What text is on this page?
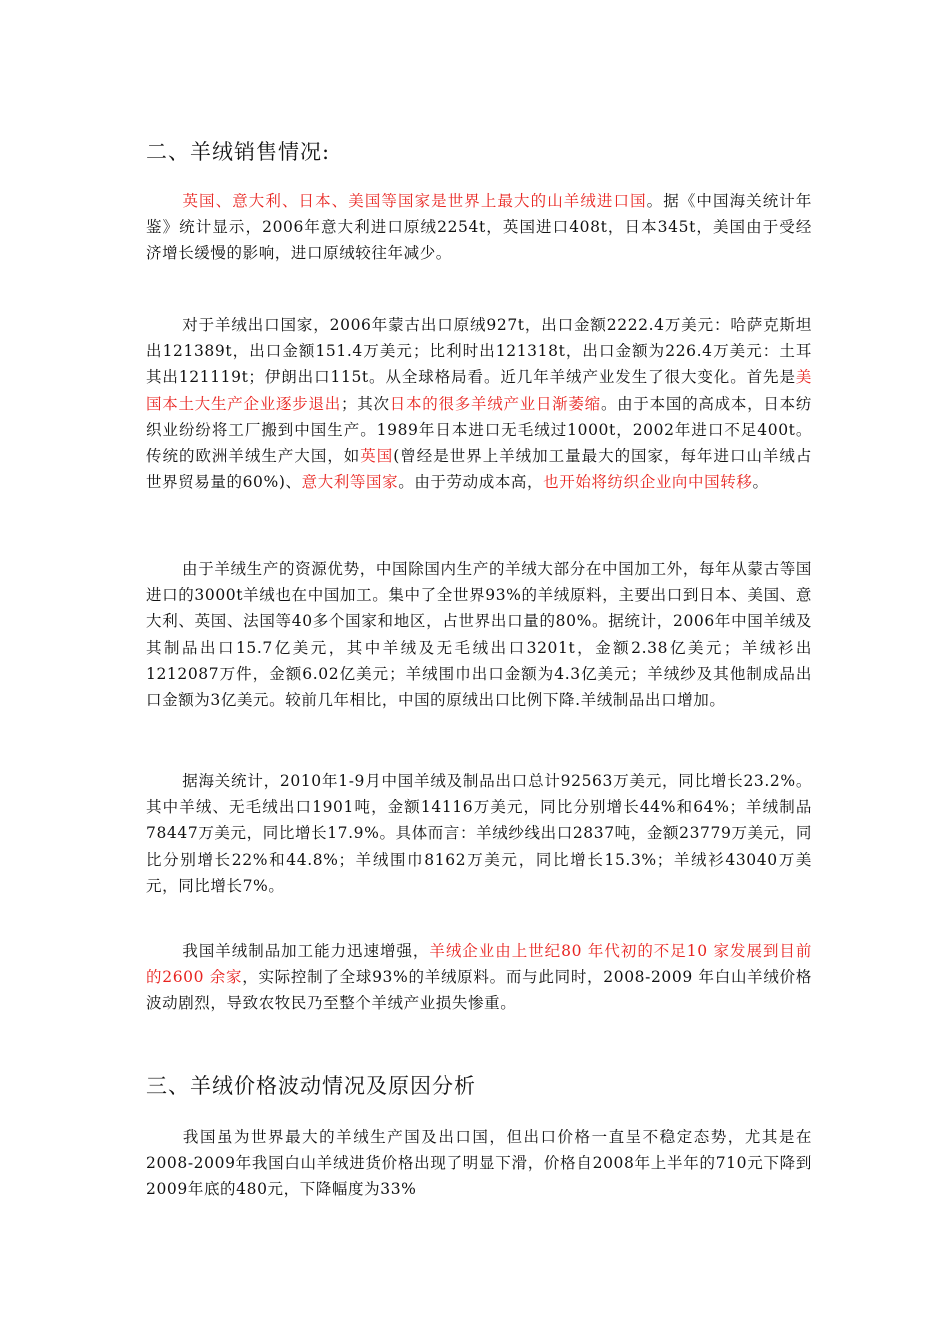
二、羊绒销售情况:
英国、意大利、日本、美国等国家是世界上最大的山羊绒进口国。据《中国海关统计年鉴》统计显示，2006年意大利进口原绒2254t，英国进口408t，日本345t，美国由于受经济增长缓慢的影响，进口原绒较往年减少。
对于羊绒出口国家，2006年蒙古出口原绒927t，出口金额2222.4万美元：哈萨克斯坦出121389t，出口金额151.4万美元；比利时出121318t，出口金额为226.4万美元：土耳其出121119t；伊朗出口115t。从全球格局看。近几年羊绒产业发生了很大变化。首先是美国本土大生产企业逐步退出；其次日本的很多羊绒产业日渐萎缩。由于本国的高成本，日本纺织业纷纷将工厂搬到中国生产。1989年日本进口无毛绒过1000t，2002年进口不足400t。传统的欧洲羊绒生产大国，如英国(曾经是世界上羊绒加工量最大的国家，每年进口山羊绒占世界贸易量的60%)、意大利等国家。由于劳动成本高，也开始将纺织企业向中国转移。
由于羊绒生产的资源优势，中国除国内生产的羊绒大部分在中国加工外，每年从蒙古等国进口的3000t羊绒也在中国加工。集中了全世界93%的羊绒原料，主要出口到日本、美国、意大利、英国、法国等40多个国家和地区，占世界出口量的80%。据统计，2006年中国羊绒及其制品出口15.7亿美元，其中羊绒及无毛绒出口3201t，金额2.38亿美元；羊绒衫出1212087万件，金额6.02亿美元；羊绒围巾出口金额为4.3亿美元；羊绒纱及其他制成品出口金额为3亿美元。较前几年相比，中国的原绒出口比例下降.羊绒制品出口增加。
据海关统计，2010年1-9月中国羊绒及制品出口总计92563万美元，同比增长23.2%。其中羊绒、无毛绒出口1901吨，金额14116万美元，同比分别增长44%和64%；羊绒制品78447万美元，同比增长17.9%。具体而言：羊绒纱线出口2837吨，金额23779万美元，同比分别增长22%和44.8%；羊绒围巾8162万美元，同比增长15.3%；羊绒衫43040万美元，同比增长7%。
我国羊绒制品加工能力迅速增强，羊绒企业由上世纪80 年代初的不足10 家发展到目前的2600 余家，实际控制了全球93%的羊绒原料。而与此同时，2008-2009 年白山羊绒价格波动剧烈，导致农牧民乃至整个羊绒产业损失惨重。
三、羊绒价格波动情况及原因分析
我国虽为世界最大的羊绒生产国及出口国，但出口价格一直呈不稳定态势，尤其是在2008-2009年我国白山羊绒进货价格出现了明显下滑，价格自2008年上半年的710元下降到2009年底的480元，下降幅度为33%
